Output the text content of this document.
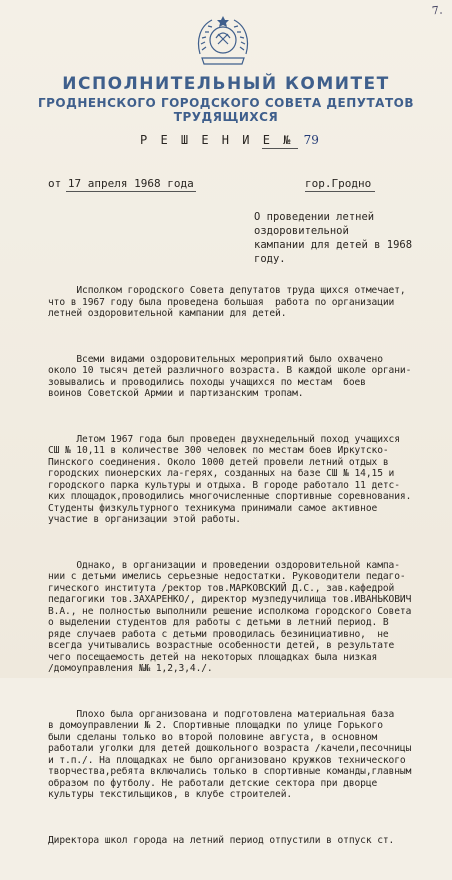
7.
ИСПОЛНИТЕЛЬНЫЙ КОМИТЕТ
ГРОДНЕНСКОГО ГОРОДСКОГО СОВЕТА ДЕПУТАТОВ ТРУДЯЩИХСЯ
Р Е Ш Е Н И Е № 79
от 17 апреля 1968 года	гор.Гродно
О проведении летней оздоровительной
кампании для детей в 1968 году.

Исполком городского Совета депутатов труда щихся отмечает,
что в 1967 году была проведена большая  работа по организации
летней оздоровительной кампании для детей.

Всеми видами оздоровительных мероприятий было охвачено
около 10 тысяч детей различного возраста. В каждой школе органи-
зовывались и проводились походы учащихся по местам  боев
воинов Советской Армии и партизанским тропам.

Летом 1967 года был проведен двухнедельный поход учащихся
СШ № 10,11 в количестве 300 человек по местам боев Иркутско-
Пинского соединения. Около 1000 детей провели летний отдых в
городских пионерских ла-герях, созданных на базе СШ № 14,15 и
городского парка культуры и отдыха. В городе работало 11 детс-
ких площадок,проводились многочисленные спортивные соревнования.
Студенты физкультурного техникума принимали самое активное
участие в организации этой работы.

Однако, в организации и проведении оздоровительной кампа-
нии с детьми имелись серьезные недостатки. Руководители педаго-
гического института /ректор тов.МАРКОВСКИЙ Д.С., зав.кафедрой
педагогики тов.ЗАХАРЕНКО/, директор музпедучилища тов.ИВАНЬКОВИЧ
В.А., не полностью выполнили решение исполкома городского Совета
о выделении студентов для работы с детьми в летний период. В
ряде случаев работа с детьми проводилась безинициативно,  не
всегда учитывались возрастные особенности детей, в результате
чего посещаемость детей на некоторых площадках была низкая
/домоуправления №№ 1,2,3,4./.

Плохо была организована и подготовлена материальная база
в домоуправлении № 2. Спортивные площадки по улице Горького
были сделаны только во второй половине августа, в основном
работали уголки для детей дошкольного возраста /качели,песочницы
и т.п./. На площадках не было организовано кружков технического
творчества,ребята включались только в спортивные команды,главным
образом по футболу. Не работали детские сектора при дворце
культуры текстильщиков, в клубе строителей.

Директора школ города на летний период отпустили в отпуск ст.
